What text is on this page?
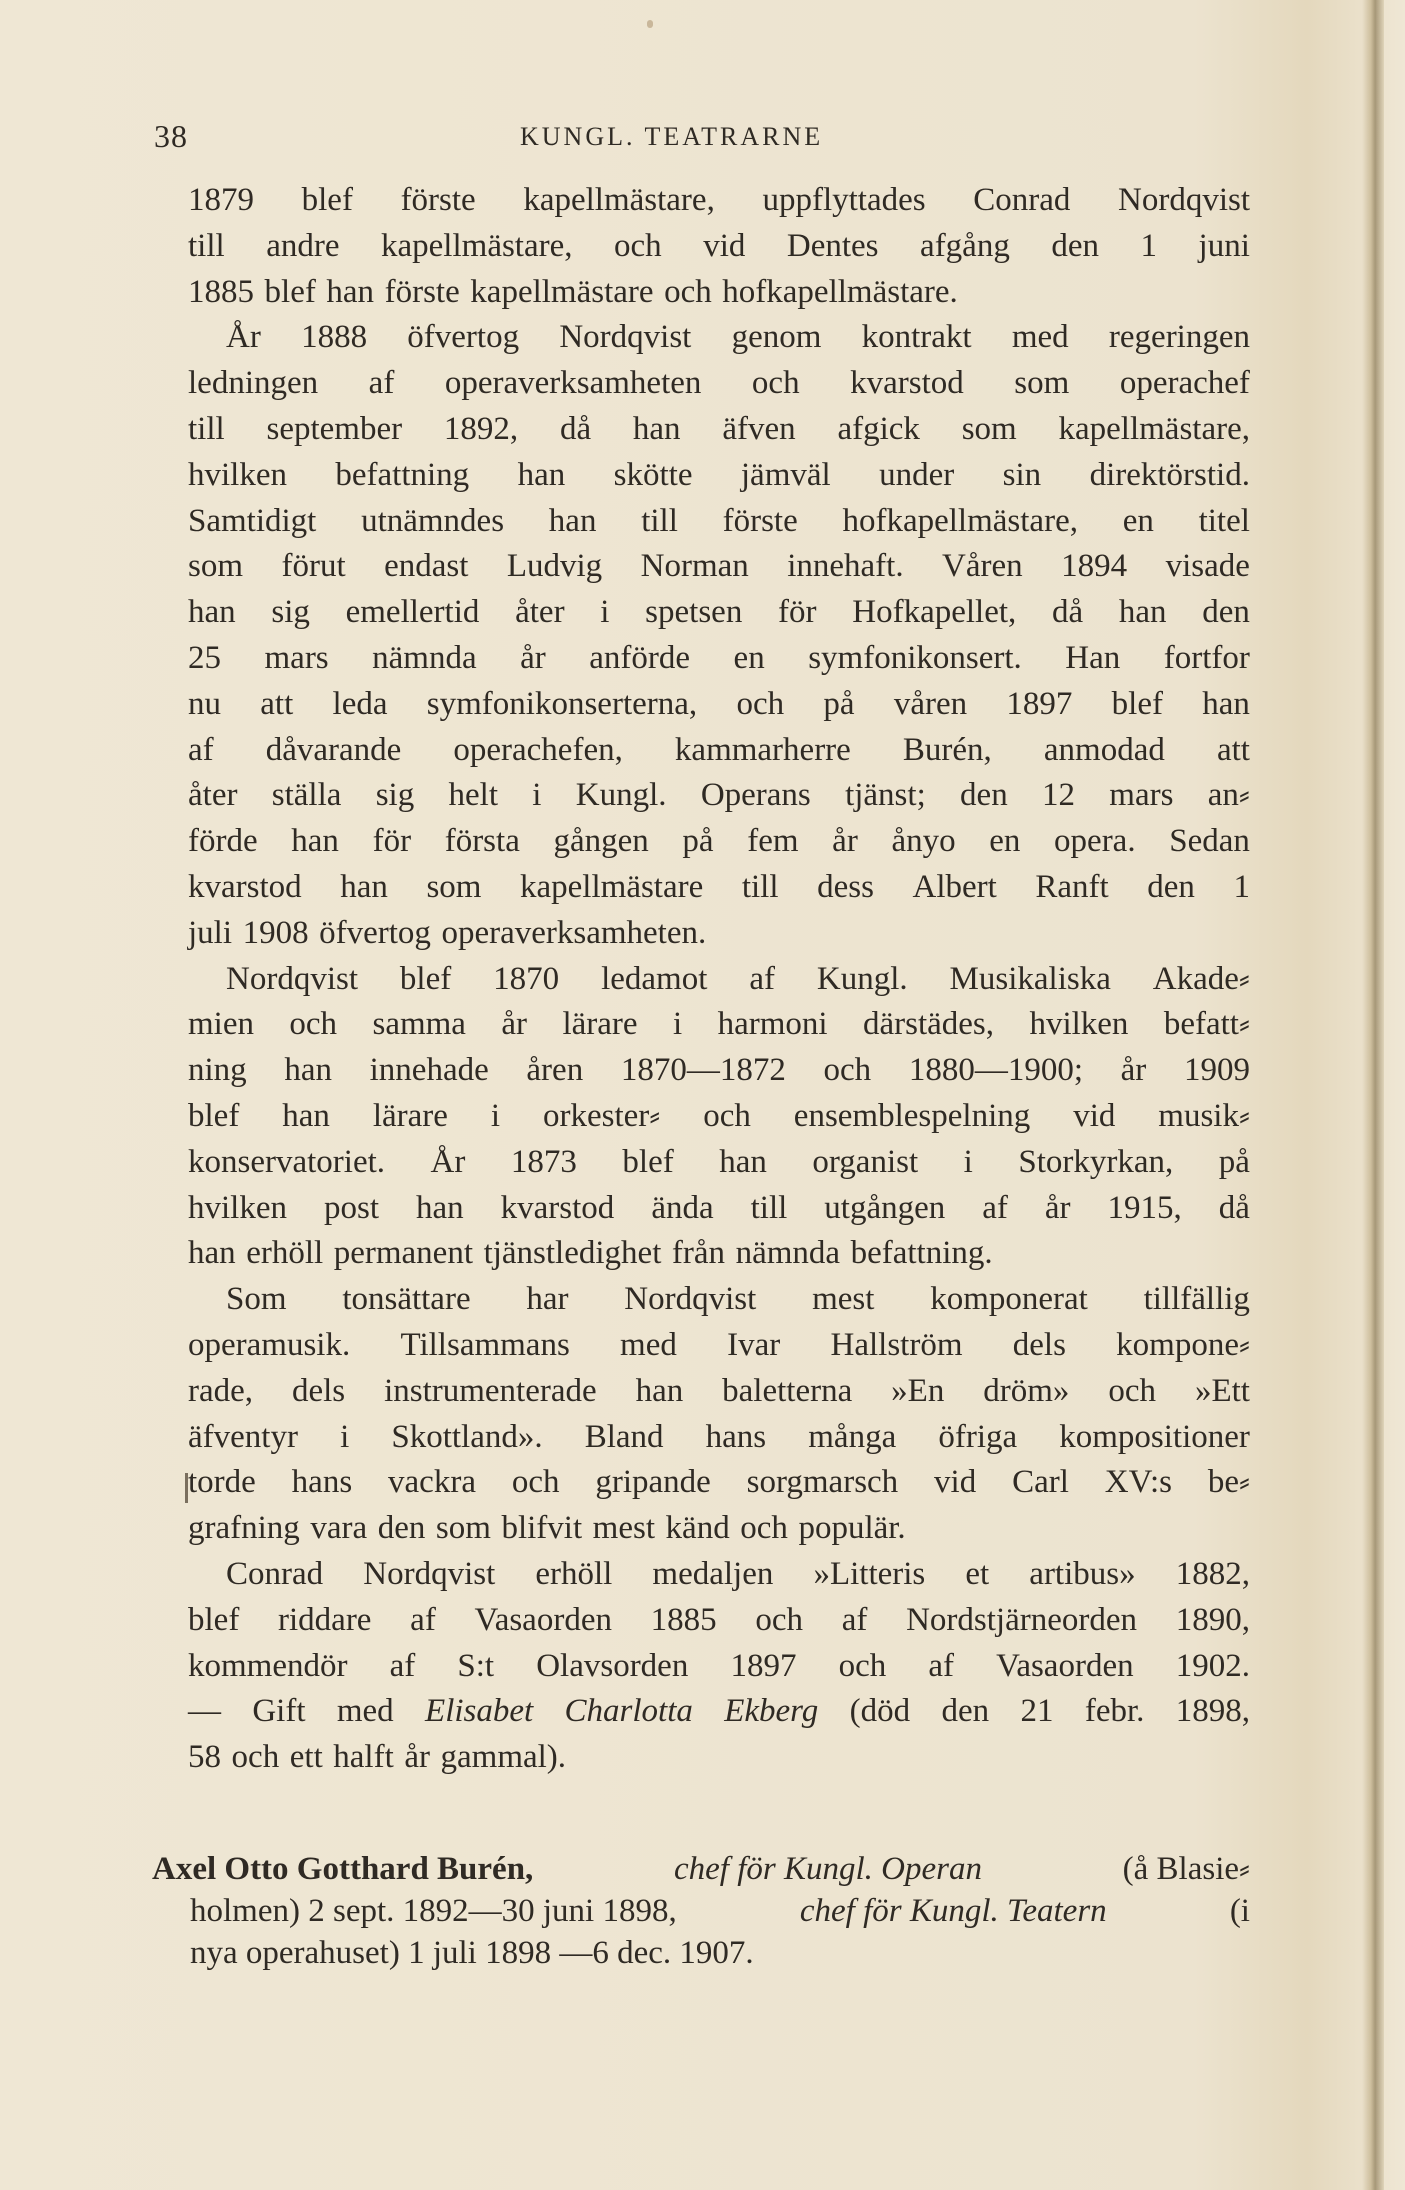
38	KUNGL. TEATRARNE
1879 blef förste kapellmästare, uppflyttades Conrad Nordqvist
till andre kapellmästare, och vid Dentes afgång den 1 juni
1885 blef han förste kapellmästare och hofkapellmästare.
År 1888 öfvertog Nordqvist genom kontrakt med regeringen
ledningen af operaverksamheten och kvarstod som operachef
till september 1892, då han äfven afgick som kapellmästare,
hvilken befattning han skötte jämväl under sin direktörstid.
Samtidigt utnämndes han till förste hofkapellmästare, en titel
som förut endast Ludvig Norman innehaft. Våren 1894 visade
han sig emellertid åter i spetsen för Hofkapellet, då han den
25 mars nämnda år anförde en symfonikonsert. Han fortfor
nu att leda symfonikonserterna, och på våren 1897 blef han
af dåvarande operachefen, kammarherre Burén, anmodad att
åter ställa sig helt i Kungl. Operans tjänst; den 12 mars an⸗
förde han för första gången på fem år ånyo en opera. Sedan
kvarstod han som kapellmästare till dess Albert Ranft den 1
juli 1908 öfvertog operaverksamheten.
Nordqvist blef 1870 ledamot af Kungl. Musikaliska Akade⸗
mien och samma år lärare i harmoni därstädes, hvilken befatt⸗
ning han innehade åren 1870—1872 och 1880—1900; år 1909
blef han lärare i orkester⸗ och ensemblespelning vid musik⸗
konservatoriet. År 1873 blef han organist i Storkyrkan, på
hvilken post han kvarstod ända till utgången af år 1915, då
han erhöll permanent tjänstledighet från nämnda befattning.
Som tonsättare har Nordqvist mest komponerat tillfällig
operamusik. Tillsammans med Ivar Hallström dels kompone⸗
rade, dels instrumenterade han baletterna »En dröm» och »Ett
äfventyr i Skottland». Bland hans många öfriga kompositioner
torde hans vackra och gripande sorgmarsch vid Carl XV:s be⸗
grafning vara den som blifvit mest känd och populär.
Conrad Nordqvist erhöll medaljen »Litteris et artibus» 1882,
blef riddare af Vasaorden 1885 och af Nordstjärneorden 1890,
kommendör af S:t Olavsorden 1897 och af Vasaorden 1902.
— Gift med Elisabet Charlotta Ekberg (död den 21 febr. 1898,
58 och ett halft år gammal).
Axel Otto Gotthard Burén,	chef för Kungl. Operan	(å Blasie⸗
holmen) 2 sept. 1892—30 juni 1898,	chef för Kungl. Teatern	(i
nya operahuset) 1 juli 1898 —6 dec. 1907.
